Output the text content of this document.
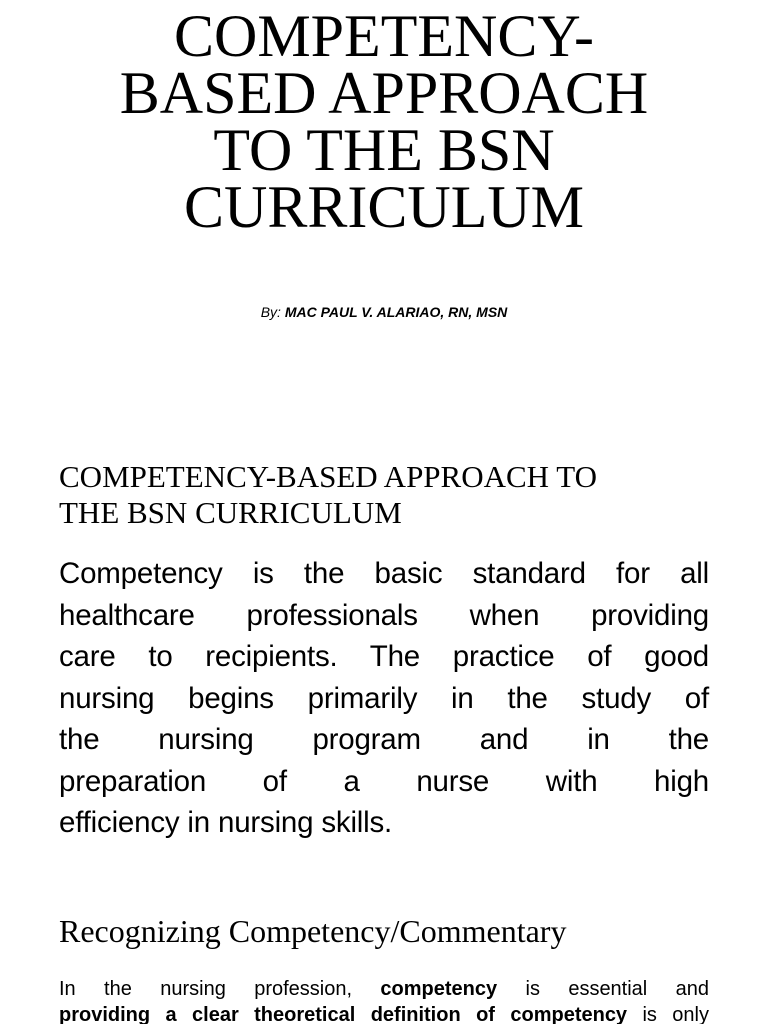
COMPETENCY-
BASED APPROACH
TO THE BSN
CURRICULUM
By: MAC PAUL V. ALARIAO, RN, MSN
COMPETENCY-BASED APPROACH TO
THE BSN CURRICULUM

Competency is the basic standard for all
healthcare professionals when providing
care to recipients. The practice of good
nursing begins primarily in the study of
the nursing program and in the
preparation of a nurse with high
efficiency in nursing skills.

Recognizing Competency/Commentary

In the nursing profession, competency is essential and
providing a clear theoretical definition of competency is only
